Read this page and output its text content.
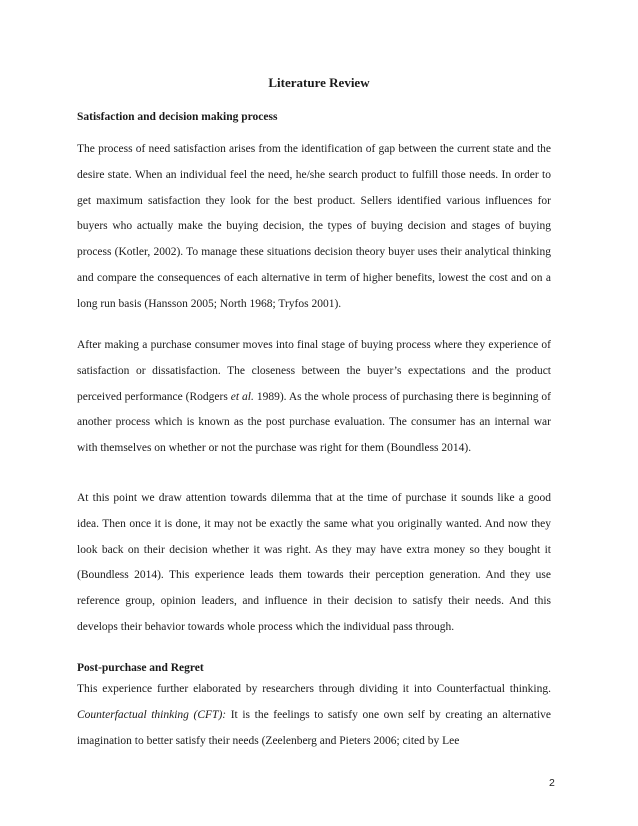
Literature Review
Satisfaction and decision making process
The process of need satisfaction arises from the identification of gap between the current state and the desire state. When an individual feel the need, he/she search product to fulfill those needs. In order to get maximum satisfaction they look for the best product. Sellers identified various influences for buyers who actually make the buying decision, the types of buying decision and stages of buying process (Kotler, 2002). To manage these situations decision theory buyer uses their analytical thinking and compare the consequences of each alternative in term of higher benefits, lowest the cost and on a long run basis (Hansson 2005; North 1968; Tryfos 2001).
After making a purchase consumer moves into final stage of buying process where they experience of satisfaction or dissatisfaction. The closeness between the buyer’s expectations and the product perceived performance (Rodgers et al. 1989). As the whole process of purchasing there is beginning of another process which is known as the post purchase evaluation. The consumer has an internal war with themselves on whether or not the purchase was right for them (Boundless 2014).
At this point we draw attention towards dilemma that at the time of purchase it sounds like a good idea. Then once it is done, it may not be exactly the same what you originally wanted. And now they look back on their decision whether it was right. As they may have extra money so they bought it (Boundless 2014). This experience leads them towards their perception generation. And they use reference group, opinion leaders, and influence in their decision to satisfy their needs. And this develops their behavior towards whole process which the individual pass through.
Post-purchase and Regret
This experience further elaborated by researchers through dividing it into Counterfactual thinking. Counterfactual thinking (CFT): It is the feelings to satisfy one own self by creating an alternative imagination to better satisfy their needs (Zeelenberg and Pieters 2006; cited by Lee
2
